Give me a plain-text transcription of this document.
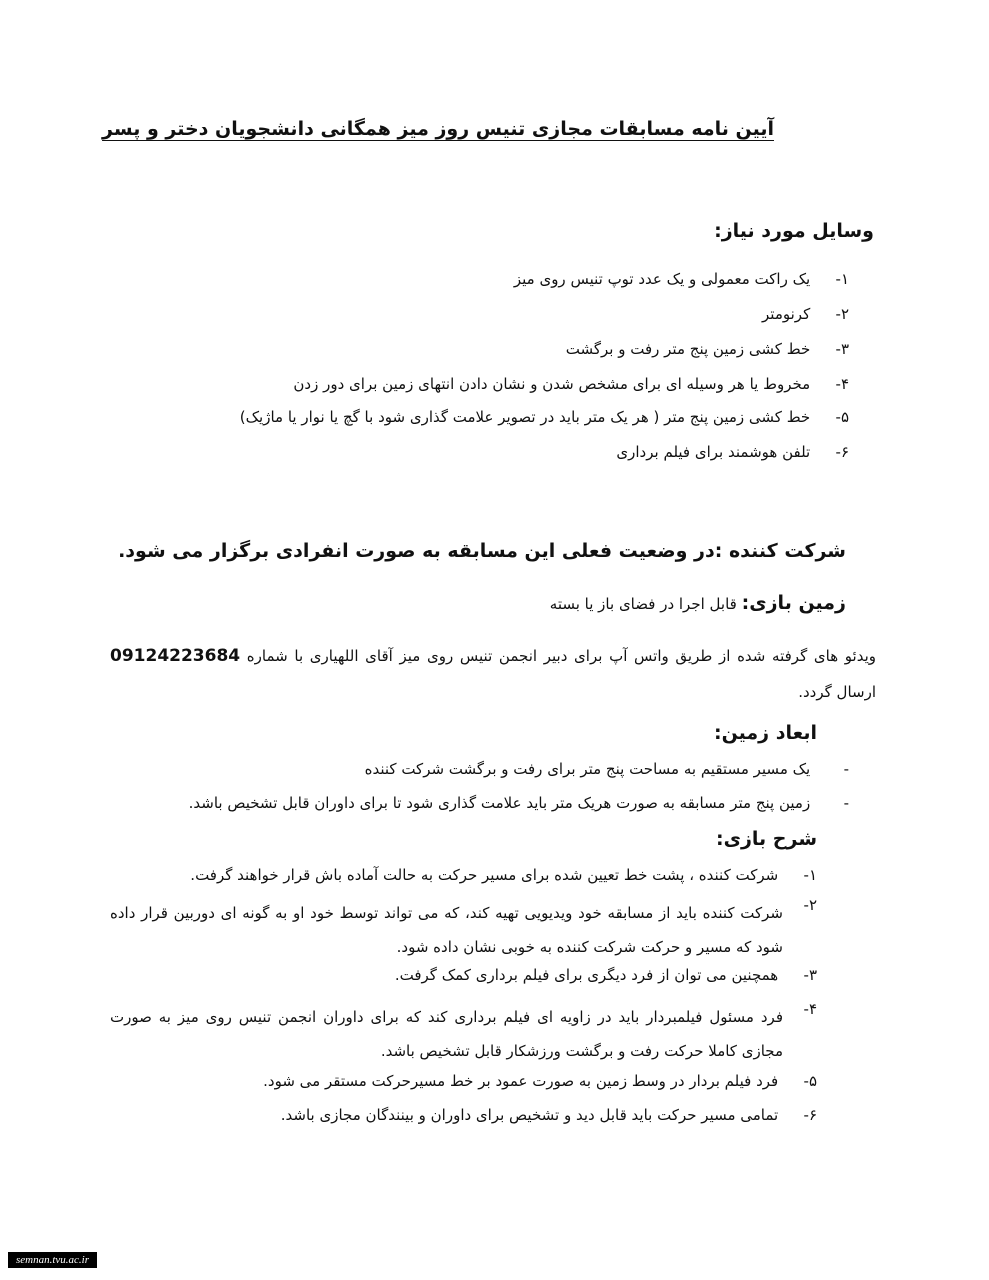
آیین نامه مسابقات مجازی تنیس روز میز همگانی دانشجویان دختر و پسر
وسایل مورد نیاز:
۱- یک راکت معمولی و یک عدد توپ تنیس روی میز
۲- کرنومتر
۳- خط کشی زمین پنج متر رفت و برگشت
۴- مخروط یا هر وسیله ای برای مشخص شدن و نشان دادن انتهای زمین برای دور زدن
۵- خط کشی زمین پنج متر ( هر یک متر باید در تصویر علامت گذاری شود با گچ یا نوار یا ماژیک)
۶- تلفن هوشمند برای فیلم برداری
شرکت کننده :در وضعیت فعلی این مسابقه به صورت انفرادی برگزار می شود.
زمین بازی: قابل اجرا در فضای باز یا بسته
ویدئو های گرفته شده از طریق واتس آپ برای دبیر انجمن تنیس روی میز آقای اللهیاری با شماره 09124223684 ارسال گردد.
ابعاد زمین:
- یک مسیر مستقیم به مساحت پنج متر برای رفت و برگشت شرکت کننده
- زمین پنج متر مسابقه به صورت هریک متر باید علامت گذاری شود تا برای داوران قابل تشخیص باشد.
شرح بازی:
۱- شرکت کننده ، پشت خط تعیین شده برای مسیر حرکت به حالت آماده باش قرار خواهند گرفت.
۲-
شرکت کننده باید از مسابقه خود ویدیویی تهیه کند، که می تواند توسط خود او به گونه ای دوربین قرار داده شود که مسیر و حرکت شرکت کننده به خوبی نشان داده شود.
۳- همچنین می توان از فرد دیگری برای فیلم برداری کمک گرفت.
۴-
فرد مسئول فیلمبردار باید در زاویه ای فیلم برداری کند که برای داوران انجمن تنیس روی میز به صورت مجازی کاملا حرکت رفت و برگشت ورزشکار قابل تشخیص باشد.
۵- فرد فیلم بردار در وسط زمین به صورت عمود بر خط مسیرحرکت مستقر می شود.
۶- تمامی مسیر حرکت باید قابل دید و تشخیص برای داوران و بینندگان مجازی باشد.
semnan.tvu.ac.ir
